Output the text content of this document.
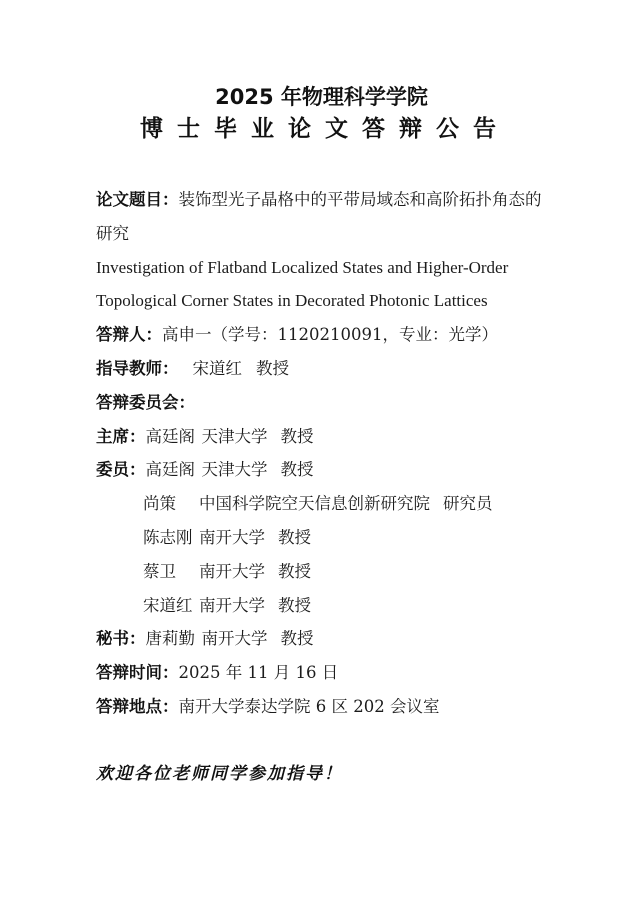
2025 年物理科学学院
博士毕业论文答辩公告
论文题目：装饰型光子晶格中的平带局域态和高阶拓扑角态的
研究
Investigation of Flatband Localized States and Higher-Order
Topological Corner States in Decorated Photonic Lattices
答辩人：高申一（学号：1120210091，专业：光学）
指导教师： 宋道红 教授
答辩委员会：
主席： 高廷阁 天津大学 教授
委员： 高廷阁 天津大学 教授
尚策	中国科学院空天信息创新研究院 研究员
陈志刚 南开大学 教授
蔡卫	南开大学 教授
宋道红 南开大学 教授
秘书： 唐莉勤 南开大学 教授
答辩时间：2025 年 11 月 16 日
答辩地点：南开大学泰达学院 6 区 202 会议室
欢迎各位老师同学参加指导！
